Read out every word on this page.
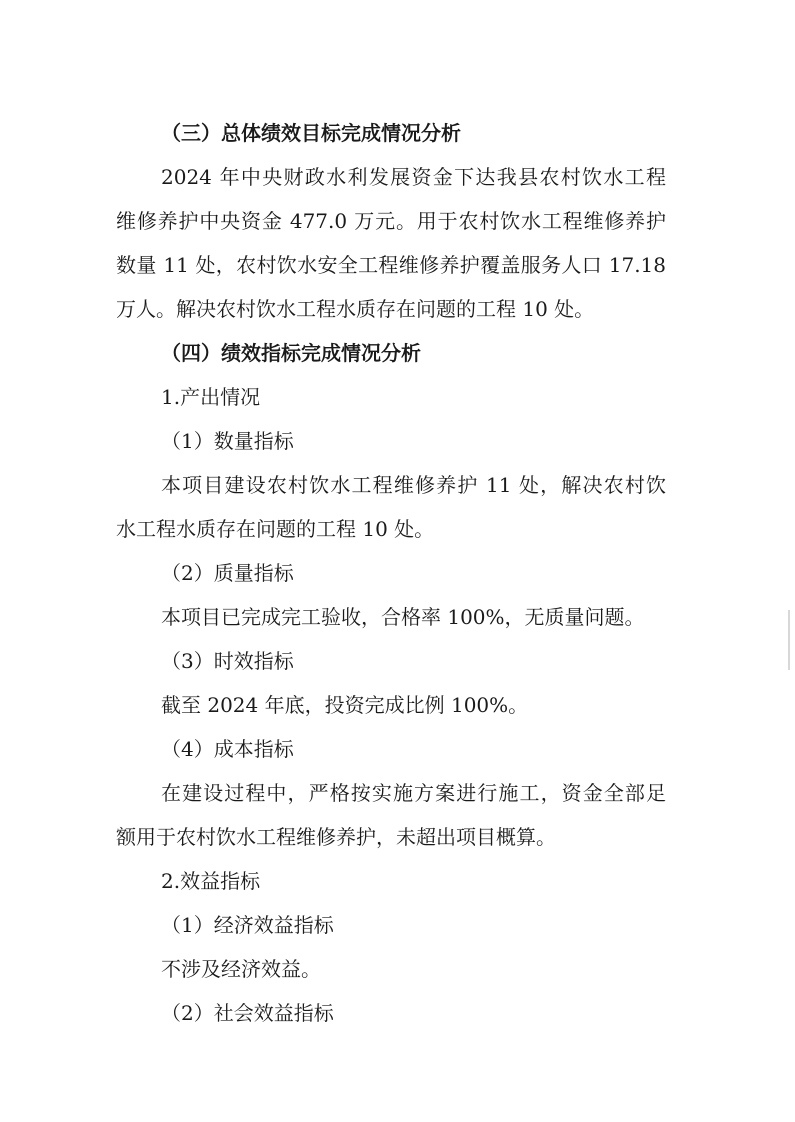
（三）总体绩效目标完成情况分析
2024 年中央财政水利发展资金下达我县农村饮水工程
维修养护中央资金 477.0 万元。用于农村饮水工程维修养护
数量 11 处，农村饮水安全工程维修养护覆盖服务人口 17.18
万人。解决农村饮水工程水质存在问题的工程 10 处。
（四）绩效指标完成情况分析
1.产出情况
（1）数量指标
本项目建设农村饮水工程维修养护 11 处，解决农村饮
水工程水质存在问题的工程 10 处。
（2）质量指标
本项目已完成完工验收，合格率 100%，无质量问题。
（3）时效指标
截至 2024 年底，投资完成比例 100%。
（4）成本指标
在建设过程中，严格按实施方案进行施工，资金全部足
额用于农村饮水工程维修养护，未超出项目概算。
2.效益指标
（1）经济效益指标
不涉及经济效益。
（2）社会效益指标
